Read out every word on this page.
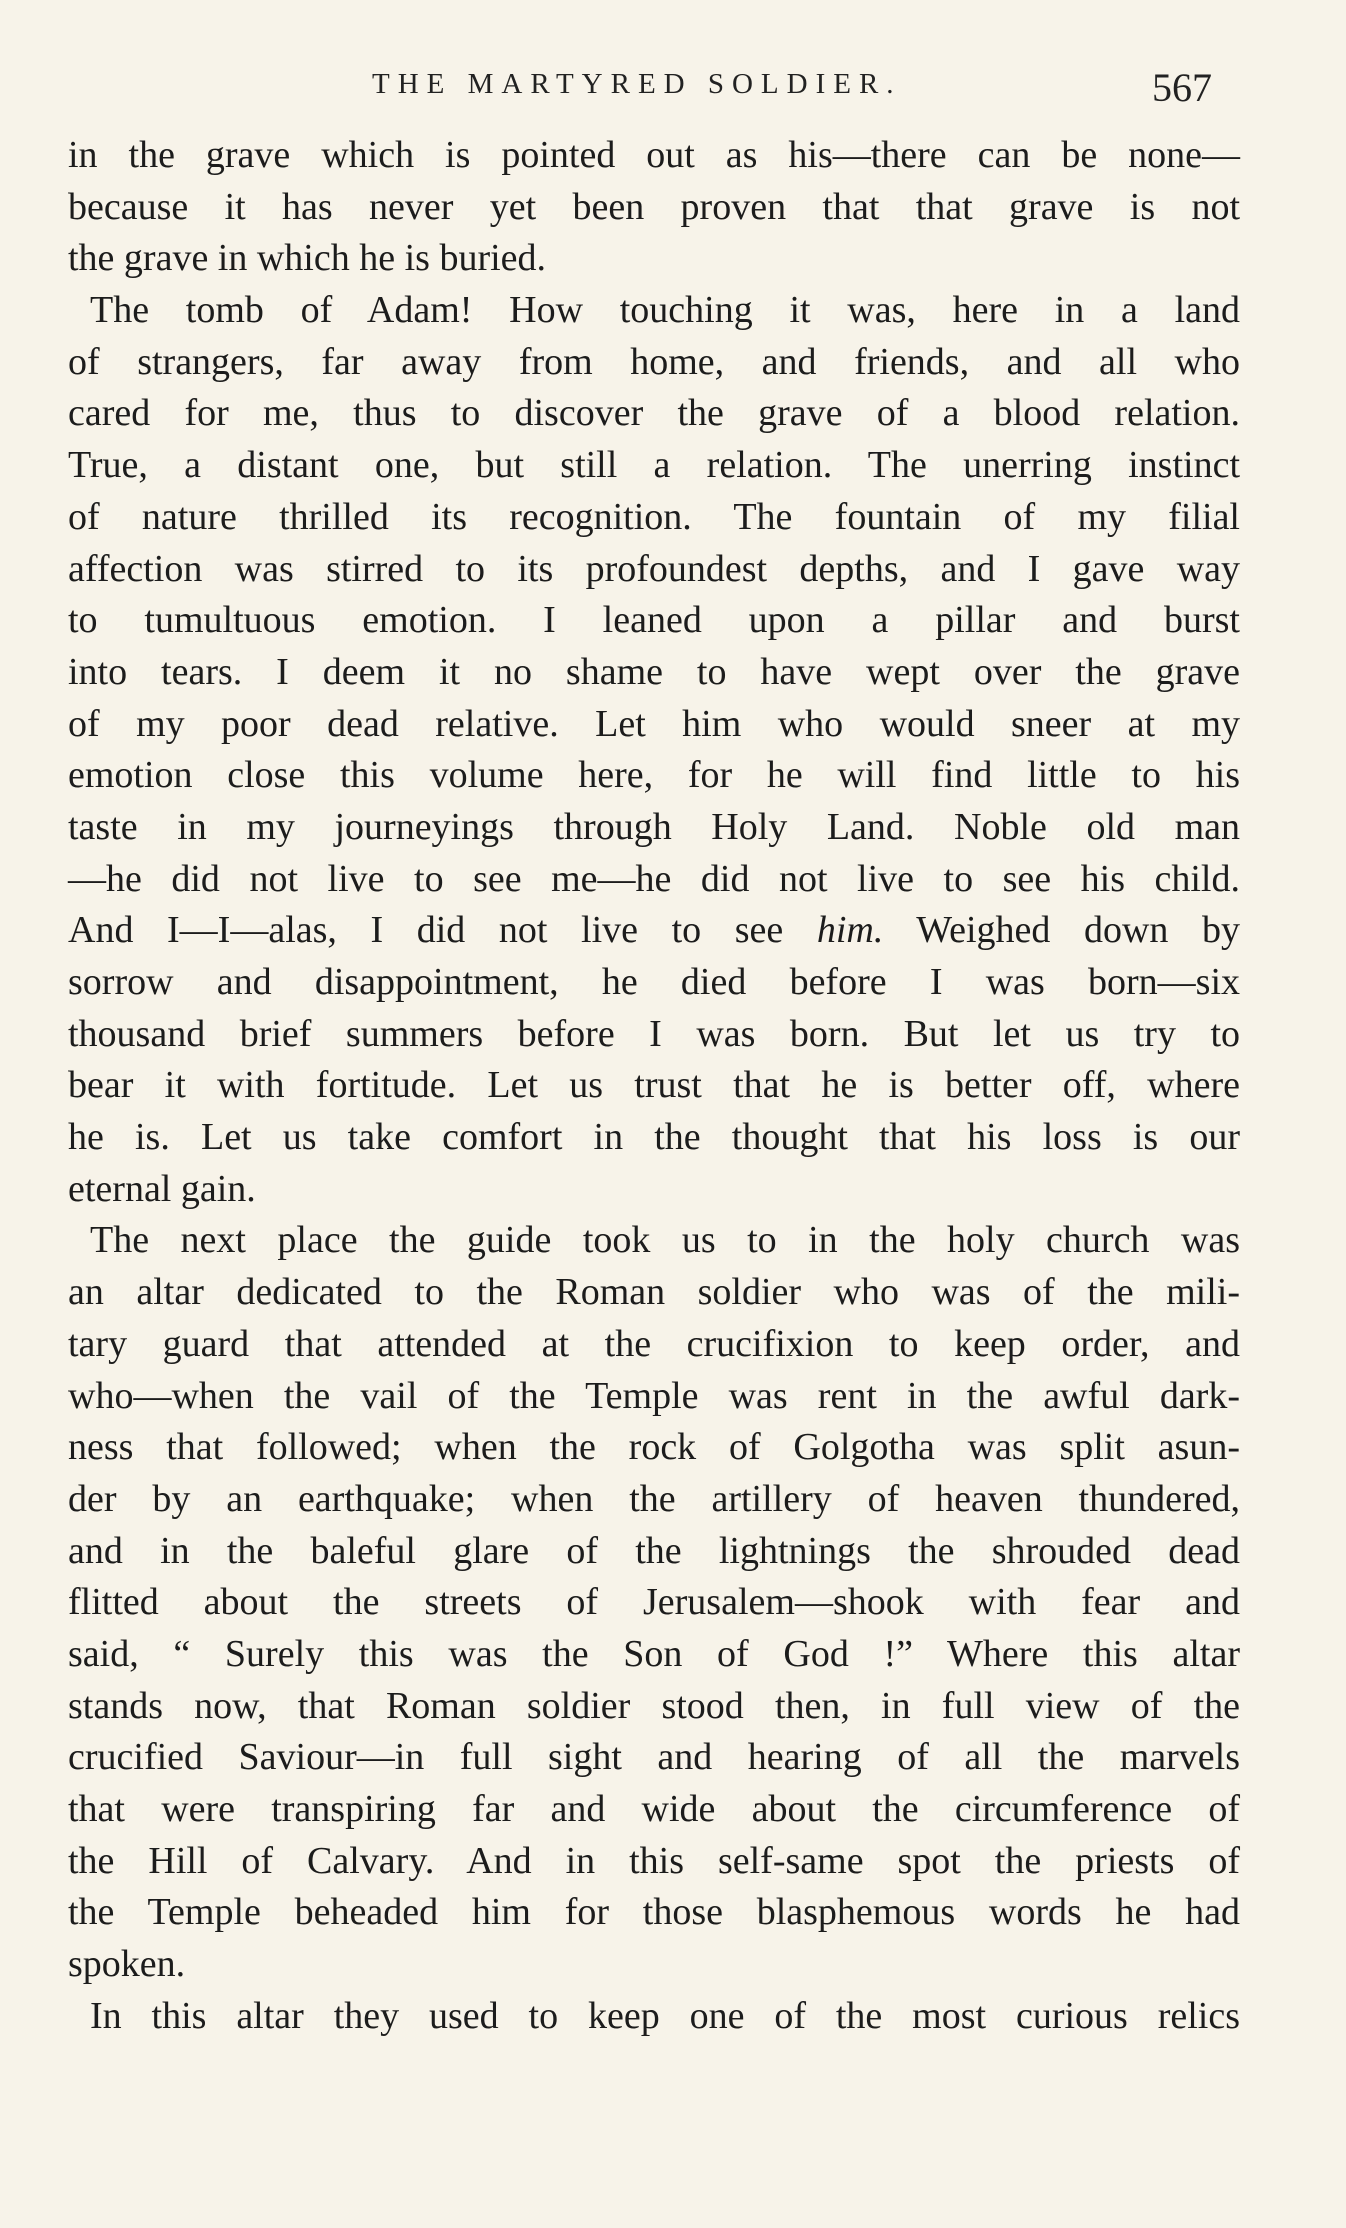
THE MARTYRED SOLDIER.	567
in the grave which is pointed out as his—there can be none—
because it has never yet been proven that that grave is not
the grave in which he is buried.
The tomb of Adam! How touching it was, here in a land
of strangers, far away from home, and friends, and all who
cared for me, thus to discover the grave of a blood relation.
True, a distant one, but still a relation. The unerring instinct
of nature thrilled its recognition. The fountain of my filial
affection was stirred to its profoundest depths, and I gave way
to tumultuous emotion. I leaned upon a pillar and burst
into tears. I deem it no shame to have wept over the grave
of my poor dead relative. Let him who would sneer at my
emotion close this volume here, for he will find little to his
taste in my journeyings through Holy Land. Noble old man
—he did not live to see me—he did not live to see his child.
And I—I—alas, I did not live to see him. Weighed down by
sorrow and disappointment, he died before I was born—six
thousand brief summers before I was born. But let us try to
bear it with fortitude. Let us trust that he is better off, where
he is. Let us take comfort in the thought that his loss is our
eternal gain.
The next place the guide took us to in the holy church was
an altar dedicated to the Roman soldier who was of the mili-
tary guard that attended at the crucifixion to keep order, and
who—when the vail of the Temple was rent in the awful dark-
ness that followed; when the rock of Golgotha was split asun-
der by an earthquake; when the artillery of heaven thundered,
and in the baleful glare of the lightnings the shrouded dead
flitted about the streets of Jerusalem—shook with fear and
said, “ Surely this was the Son of God !” Where this altar
stands now, that Roman soldier stood then, in full view of the
crucified Saviour—in full sight and hearing of all the marvels
that were transpiring far and wide about the circumference of
the Hill of Calvary. And in this self-same spot the priests of
the Temple beheaded him for those blasphemous words he had
spoken.
In this altar they used to keep one of the most curious relics
